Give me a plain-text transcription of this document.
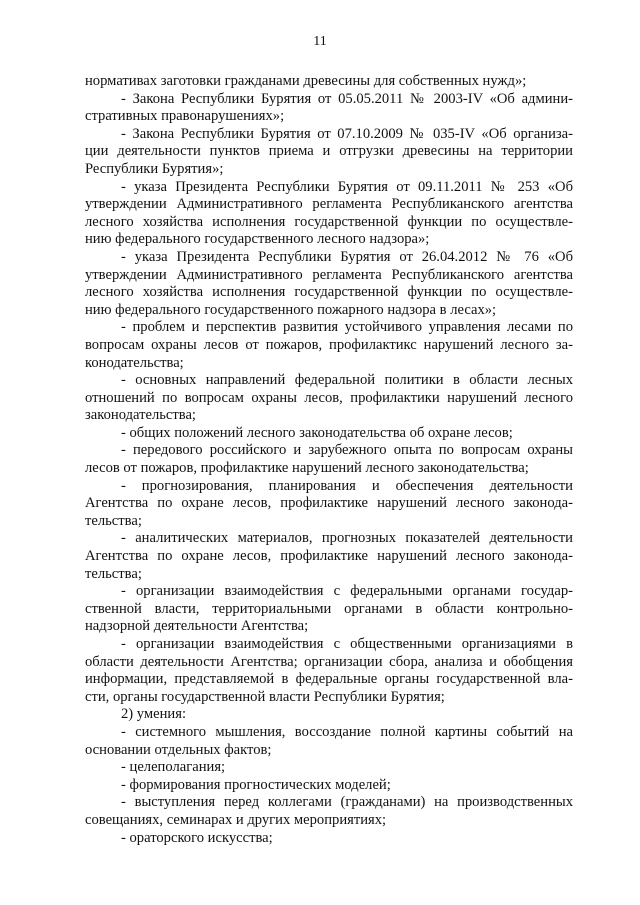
11
нормативах заготовки гражданами древесины для собственных нужд»;
- Закона Республики Бурятия от 05.05.2011 № 2003-IV «Об админи-
стративных правонарушениях»;
- Закона Республики Бурятия от 07.10.2009 № 035-IV «Об организа-
ции деятельности пунктов приема и отгрузки древесины на территории
Республики Бурятия»;
- указа Президента Республики Бурятия от 09.11.2011 № 253 «Об
утверждении Административного регламента Республиканского агентства
лесного хозяйства исполнения государственной функции по осуществле-
нию федерального государственного лесного надзора»;
- указа Президента Республики Бурятия от 26.04.2012 № 76 «Об
утверждении Административного регламента Республиканского агентства
лесного хозяйства исполнения государственной функции по осуществле-
нию федерального государственного пожарного надзора в лесах»;
- проблем и перспектив развития устойчивого управления лесами по
вопросам охраны лесов от пожаров, профилактикс нарушений лесного за-
конодательства;
- основных направлений федеральной политики в области лесных
отношений по вопросам охраны лесов, профилактики нарушений лесного
законодательства;
- общих положений лесного законодательства об охране лесов;
- передового российского и зарубежного опыта по вопросам охраны
лесов от пожаров, профилактике нарушений лесного законодательства;
- прогнозирования, планирования и обеспечения деятельности
Агентства по охране лесов, профилактике нарушений лесного законода-
тельства;
- аналитических материалов, прогнозных показателей деятельности
Агентства по охране лесов, профилактике нарушений лесного законода-
тельства;
- организации взаимодействия с федеральными органами государ-
ственной власти, территориальными органами в области контрольно-
надзорной деятельности Агентства;
- организации взаимодействия с общественными организациями в
области деятельности Агентства; организации сбора, анализа и обобщения
информации, представляемой в федеральные органы государственной вла-
сти, органы государственной власти Республики Бурятия;
2) умения:
- системного мышления, воссоздание полной картины событий на
основании отдельных фактов;
- целеполагания;
- формирования прогностических моделей;
- выступления перед коллегами (гражданами) на производственных
совещаниях, семинарах и других мероприятиях;
- ораторского искусства;
